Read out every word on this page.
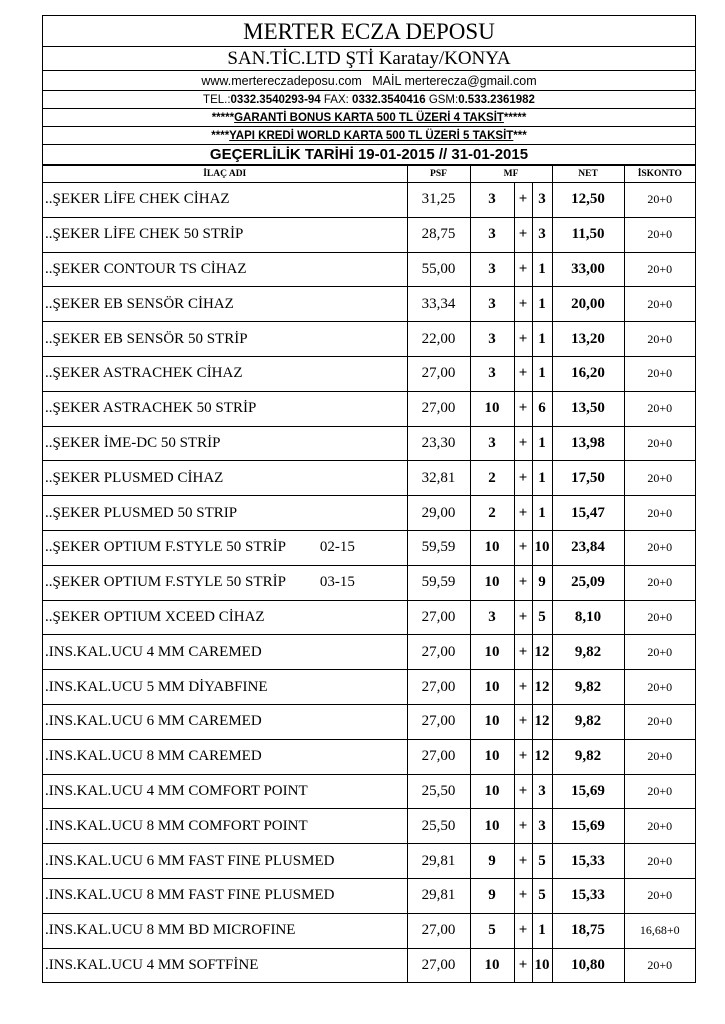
MERTER ECZA DEPOSU
SAN.TİC.LTD ŞTİ Karatay/KONYA
www.mertereczadeposu.com MAİL merterecza@gmail.com
TEL.:0332.3540293-94 FAX: 0332.3540416 GSM:0.533.2361982
*****GARANTİ BONUS KARTA 500 TL ÜZERİ 4 TAKSİT*****
****YAPI KREDİ WORLD KARTA 500 TL ÜZERİ 5 TAKSİT***
GEÇERLİLİK TARİHİ 19-01-2015 // 31-01-2015
İLAÇ ADI	PSF	MF			NET	İSKONTO
..ŞEKER LİFE CHEK CİHAZ	31,25	3	+	3	12,50	20+0
..ŞEKER LİFE CHEK 50 STRİP	28,75	3	+	3	11,50	20+0
..ŞEKER CONTOUR TS CİHAZ	55,00	3	+	1	33,00	20+0
..ŞEKER EB SENSÖR CİHAZ	33,34	3	+	1	20,00	20+0
..ŞEKER EB SENSÖR 50 STRİP	22,00	3	+	1	13,20	20+0
..ŞEKER ASTRACHEK CİHAZ	27,00	3	+	1	16,20	20+0
..ŞEKER ASTRACHEK 50 STRİP	27,00	10	+	6	13,50	20+0
..ŞEKER İME-DC 50 STRİP	23,30	3	+	1	13,98	20+0
..ŞEKER PLUSMED CİHAZ	32,81	2	+	1	17,50	20+0
..ŞEKER PLUSMED 50 STRIP	29,00	2	+	1	15,47	20+0
..ŞEKER OPTIUM F.STYLE 50 STRİP 02-15	59,59	10	+	10	23,84	20+0
..ŞEKER OPTIUM F.STYLE 50 STRİP 03-15	59,59	10	+	9	25,09	20+0
..ŞEKER OPTIUM XCEED CİHAZ	27,00	3	+	5	8,10	20+0
.INS.KAL.UCU 4 MM CAREMED	27,00	10	+	12	9,82	20+0
.INS.KAL.UCU 5 MM DİYABFINE	27,00	10	+	12	9,82	20+0
.INS.KAL.UCU 6 MM CAREMED	27,00	10	+	12	9,82	20+0
.INS.KAL.UCU 8 MM CAREMED	27,00	10	+	12	9,82	20+0
.INS.KAL.UCU 4 MM COMFORT POINT	25,50	10	+	3	15,69	20+0
.INS.KAL.UCU 8 MM COMFORT POINT	25,50	10	+	3	15,69	20+0
.INS.KAL.UCU 6 MM FAST FINE PLUSMED	29,81	9	+	5	15,33	20+0
.INS.KAL.UCU 8 MM FAST FINE PLUSMED	29,81	9	+	5	15,33	20+0
.INS.KAL.UCU 8 MM BD MICROFINE	27,00	5	+	1	18,75	16,68+0
.INS.KAL.UCU 4 MM SOFTFİNE	27,00	10	+	10	10,80	20+0
